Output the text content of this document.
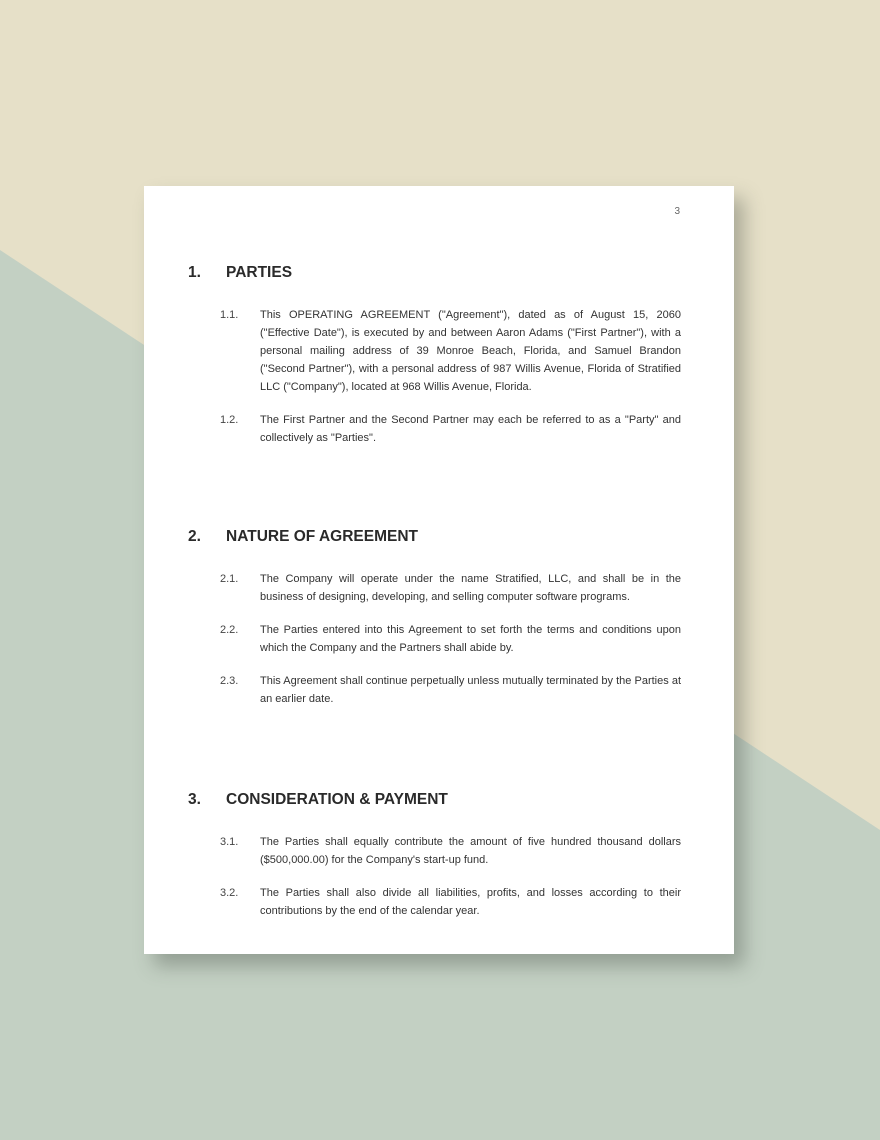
3
1.	PARTIES
1.1.	This OPERATING AGREEMENT ("Agreement"), dated as of August 15, 2060 ("Effective Date"), is executed by and between Aaron Adams ("First Partner"), with a personal mailing address of 39 Monroe Beach, Florida, and Samuel Brandon ("Second Partner"), with a personal address of 987 Willis Avenue, Florida of Stratified LLC ("Company"), located at 968 Willis Avenue, Florida.
1.2.	The First Partner and the Second Partner may each be referred to as a "Party" and collectively as "Parties".
2.	NATURE OF AGREEMENT
2.1.	The Company will operate under the name Stratified, LLC, and shall be in the business of designing, developing, and selling computer software programs.
2.2.	The Parties entered into this Agreement to set forth the terms and conditions upon which the Company and the Partners shall abide by.
2.3.	This Agreement shall continue perpetually unless mutually terminated by the Parties at an earlier date.
3.	CONSIDERATION & PAYMENT
3.1.	The Parties shall equally contribute the amount of five hundred thousand dollars ($500,000.00) for the Company's start-up fund.
3.2.	The Parties shall also divide all liabilities, profits, and losses according to their contributions by the end of the calendar year.
